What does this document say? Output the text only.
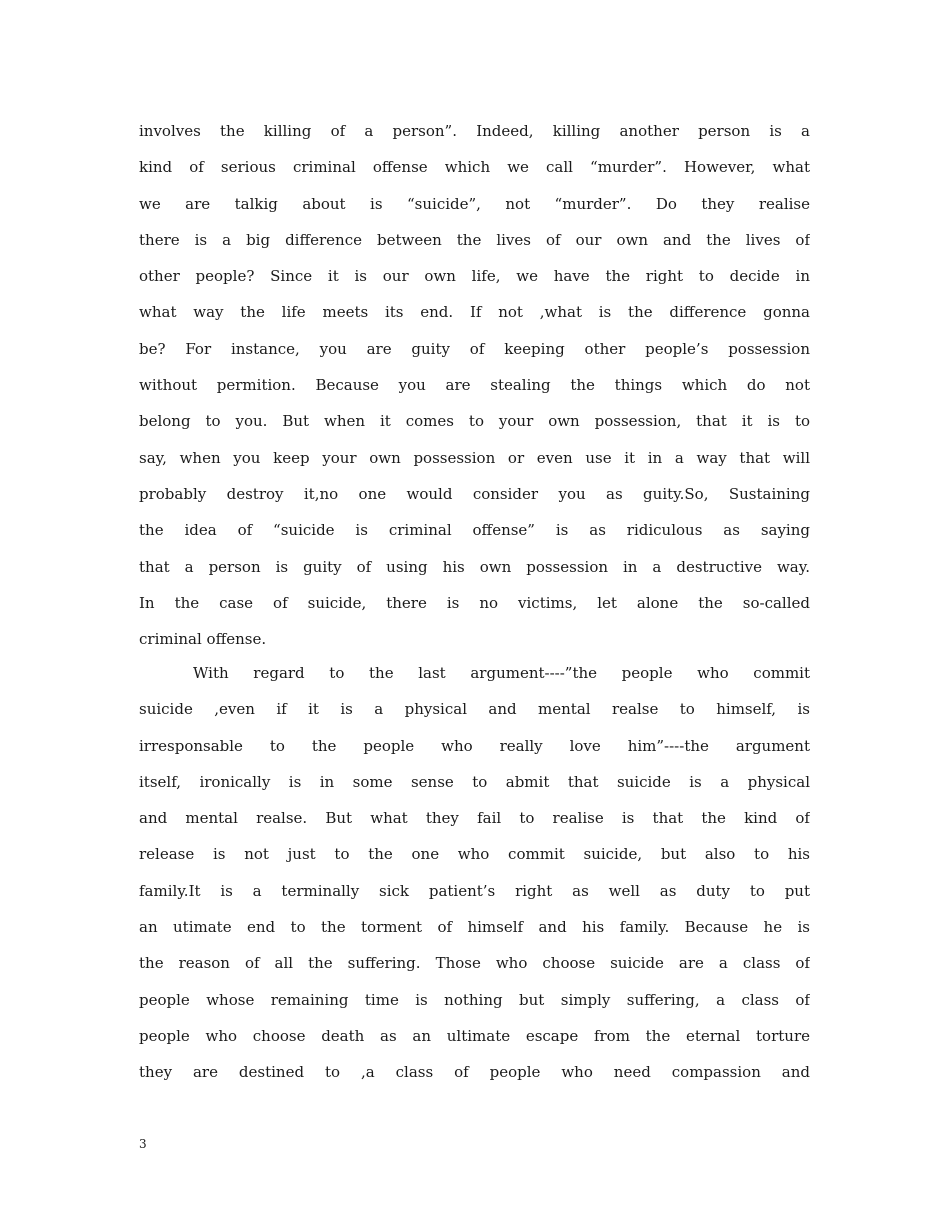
involves the killing of a person”. Indeed, killing another person is a
kind of serious criminal offense which we call “murder”. However, what
we are talkig about is “suicide”, not “murder”. Do they realise
there is a big difference between the lives of our own and the lives of
other people? Since it is our own life, we have the right to decide in
what way the life meets its end. If not ,what is the difference gonna
be? For instance, you are guity of keeping other people’s possession
without permition. Because you are stealing the things which do not
belong to you. But when it comes to your own possession, that it is to
say, when you keep your own possession or even use it in a way that will
probably destroy it,no one would consider you as guity.So, Sustaining
the idea of “suicide is criminal offense” is as ridiculous as saying
that a person is guity of using his own possession in a destructive way.
In the case of suicide, there is no victims, let alone the so-called
criminal offense.
With regard to the last argument----”the people who commit
suicide ,even if it is a physical and mental realse to himself, is
irresponsable to the people who really love him”----the argument
itself, ironically is in some sense to abmit that suicide is a physical
and mental realse. But what they fail to realise is that the kind of
release is not just to the one who commit suicide, but also to his
family.It is a terminally sick patient’s right as well as duty to put
an utimate end to the torment of himself and his family. Because he is
the reason of all the suffering. Those who choose suicide are a class of
people whose remaining time is nothing but simply suffering, a class of
people who choose death as an ultimate escape from the eternal torture
they are destined to ,a class of people who need compassion and
3
